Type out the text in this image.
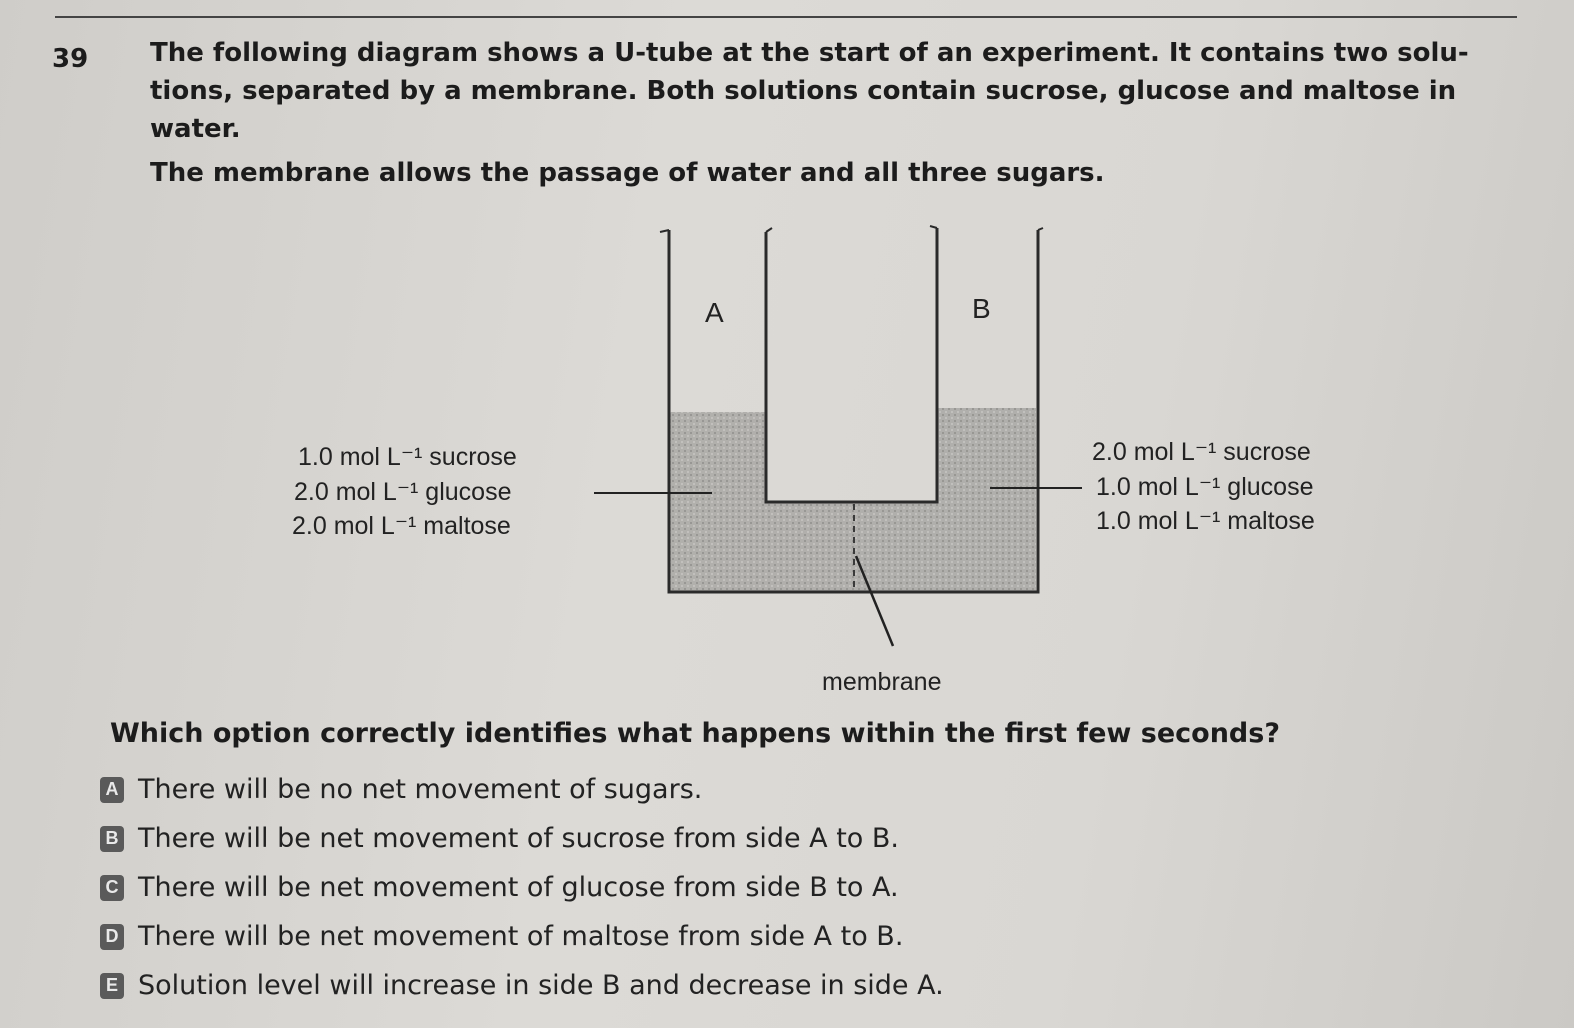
39 The following diagram shows a U-tube at the start of an experiment. It contains two solu-

tions, separated by a membrane. Both solutions contain sucrose, glucose and maltose in

water.

The membrane allows the passage of water and all three sugars.

A	B
1.0 mol L⁻¹ sucrose
2.0 mol L⁻¹ glucose
2.0 mol L⁻¹ maltose
2.0 mol L⁻¹ sucrose
1.0 mol L⁻¹ glucose
1.0 mol L⁻¹ maltose
membrane
Which option correctly identifies what happens within the first few seconds?
A There will be no net movement of sugars.
B There will be net movement of sucrose from side A to B.
C There will be net movement of glucose from side B to A.
D There will be net movement of maltose from side A to B.
E Solution level will increase in side B and decrease in side A.
